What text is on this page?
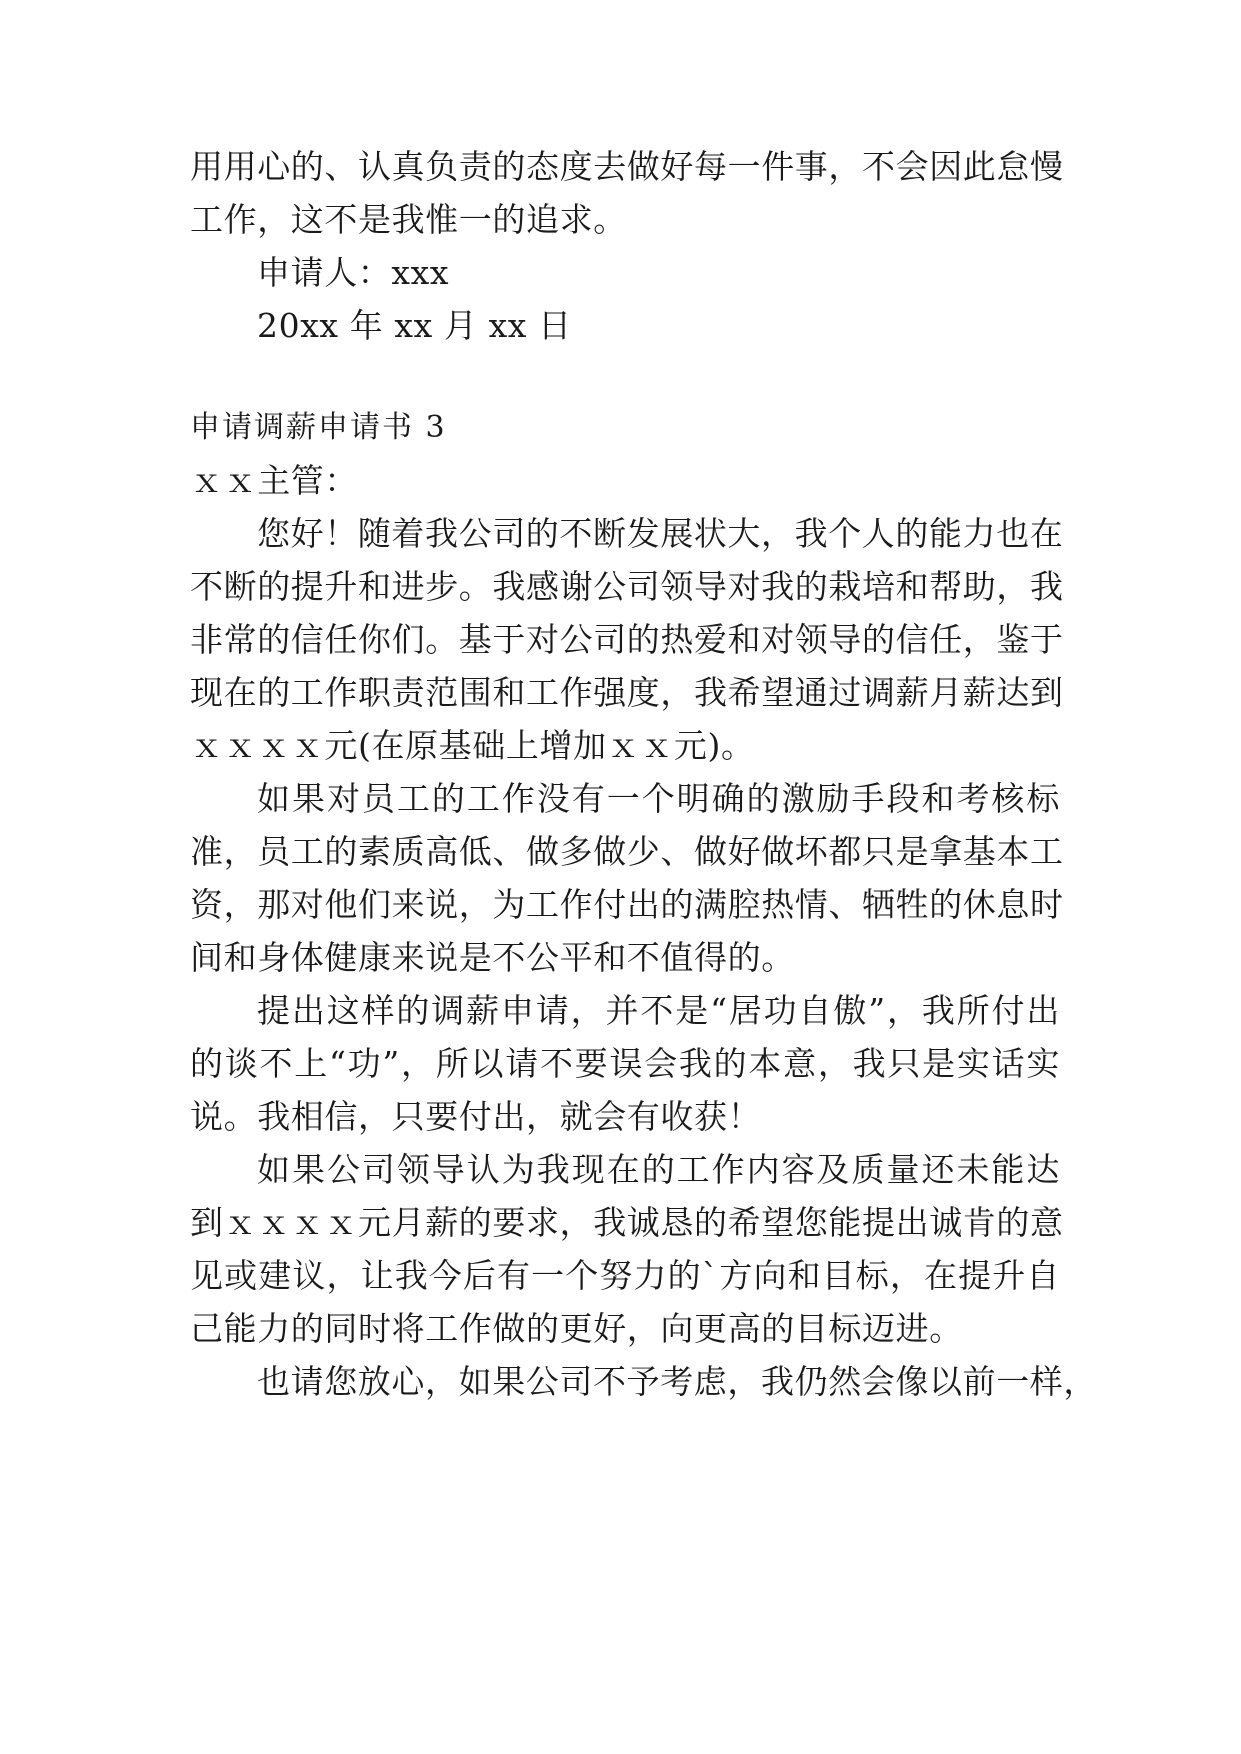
用用心的、认真负责的态度去做好每一件事，不会因此怠慢
工作，这不是我惟一的追求。
申请人：xxx
20xx 年 xx 月 xx 日
申请调薪申请书 3
ｘｘ主管：
您好！随着我公司的不断发展状大，我个人的能力也在
不断的提升和进步。我感谢公司领导对我的栽培和帮助，我
非常的信任你们。基于对公司的热爱和对领导的信任，鉴于
现在的工作职责范围和工作强度，我希望通过调薪月薪达到
ｘｘｘｘ元(在原基础上增加ｘｘ元)。
如果对员工的工作没有一个明确的激励手段和考核标
准，员工的素质高低、做多做少、做好做坏都只是拿基本工
资，那对他们来说，为工作付出的满腔热情、牺牲的休息时
间和身体健康来说是不公平和不值得的。
提出这样的调薪申请，并不是“居功自傲”，我所付出
的谈不上“功”，所以请不要误会我的本意，我只是实话实
说。我相信，只要付出，就会有收获！
如果公司领导认为我现在的工作内容及质量还未能达
到ｘｘｘｘ元月薪的要求，我诚恳的希望您能提出诚肯的意
见或建议，让我今后有一个努力的`方向和目标，在提升自
己能力的同时将工作做的更好，向更高的目标迈进。
也请您放心，如果公司不予考虑，我仍然会像以前一样，
